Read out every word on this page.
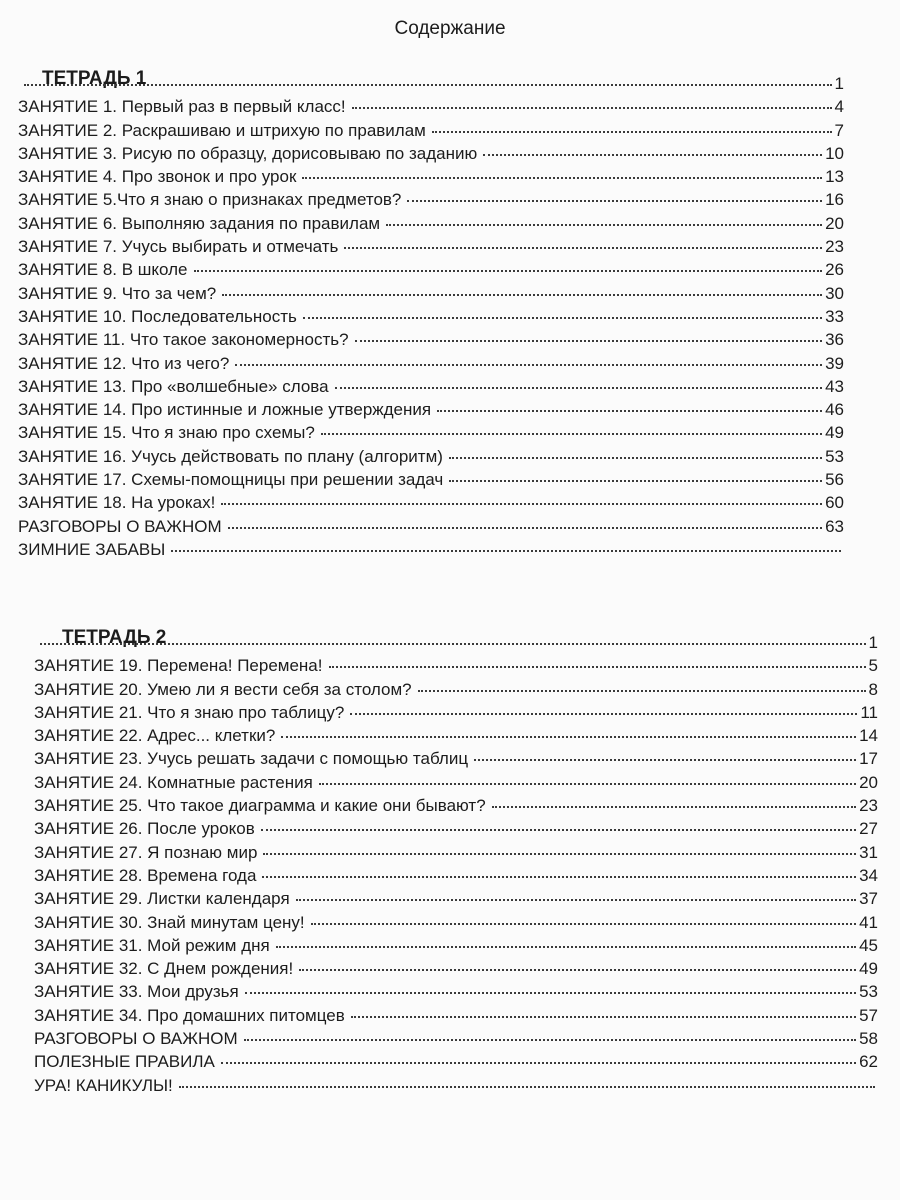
Содержание
ТЕТРАДЬ 1	1
ЗАНЯТИЕ 1. Первый раз в первый класс!	4
ЗАНЯТИЕ 2. Раскрашиваю и штрихую по правилам	7
ЗАНЯТИЕ 3. Рисую по образцу, дорисовываю по заданию	10
ЗАНЯТИЕ 4. Про звонок и про урок	13
ЗАНЯТИЕ 5.Что я знаю о признаках предметов?	16
ЗАНЯТИЕ 6. Выполняю задания по правилам	20
ЗАНЯТИЕ 7. Учусь выбирать и отмечать	23
ЗАНЯТИЕ 8. В школе	26
ЗАНЯТИЕ 9. Что за чем?	30
ЗАНЯТИЕ 10. Последовательность	33
ЗАНЯТИЕ 11. Что такое закономерность?	36
ЗАНЯТИЕ 12. Что из чего?	39
ЗАНЯТИЕ 13. Про «волшебные» слова	43
ЗАНЯТИЕ 14. Про истинные и ложные утверждения	46
ЗАНЯТИЕ 15. Что я знаю про схемы?	49
ЗАНЯТИЕ 16. Учусь действовать по плану (алгоритм)	53
ЗАНЯТИЕ 17. Схемы-помощницы при решении задач	56
ЗАНЯТИЕ 18. На уроках!	60
РАЗГОВОРЫ О ВАЖНОМ	63
ЗИМНИЕ ЗАБАВЫ
ТЕТРАДЬ 2	1
ЗАНЯТИЕ 19. Перемена! Перемена!	5
ЗАНЯТИЕ 20. Умею ли я вести себя за столом?	8
ЗАНЯТИЕ 21. Что я знаю про таблицу?	11
ЗАНЯТИЕ 22. Адрес... клетки?	14
ЗАНЯТИЕ 23. Учусь решать задачи с помощью таблиц	17
ЗАНЯТИЕ 24. Комнатные растения	20
ЗАНЯТИЕ 25. Что такое диаграмма и какие они бывают?	23
ЗАНЯТИЕ 26. После уроков	27
ЗАНЯТИЕ 27. Я познаю мир	31
ЗАНЯТИЕ 28. Времена года	34
ЗАНЯТИЕ 29. Листки календаря	37
ЗАНЯТИЕ 30. Знай минутам цену!	41
ЗАНЯТИЕ 31. Мой режим дня	45
ЗАНЯТИЕ 32. С Днем рождения!	49
ЗАНЯТИЕ 33. Мои друзья	53
ЗАНЯТИЕ 34. Про домашних питомцев	57
РАЗГОВОРЫ О ВАЖНОМ	58
ПОЛЕЗНЫЕ ПРАВИЛА	62
УРА! КАНИКУЛЫ!
